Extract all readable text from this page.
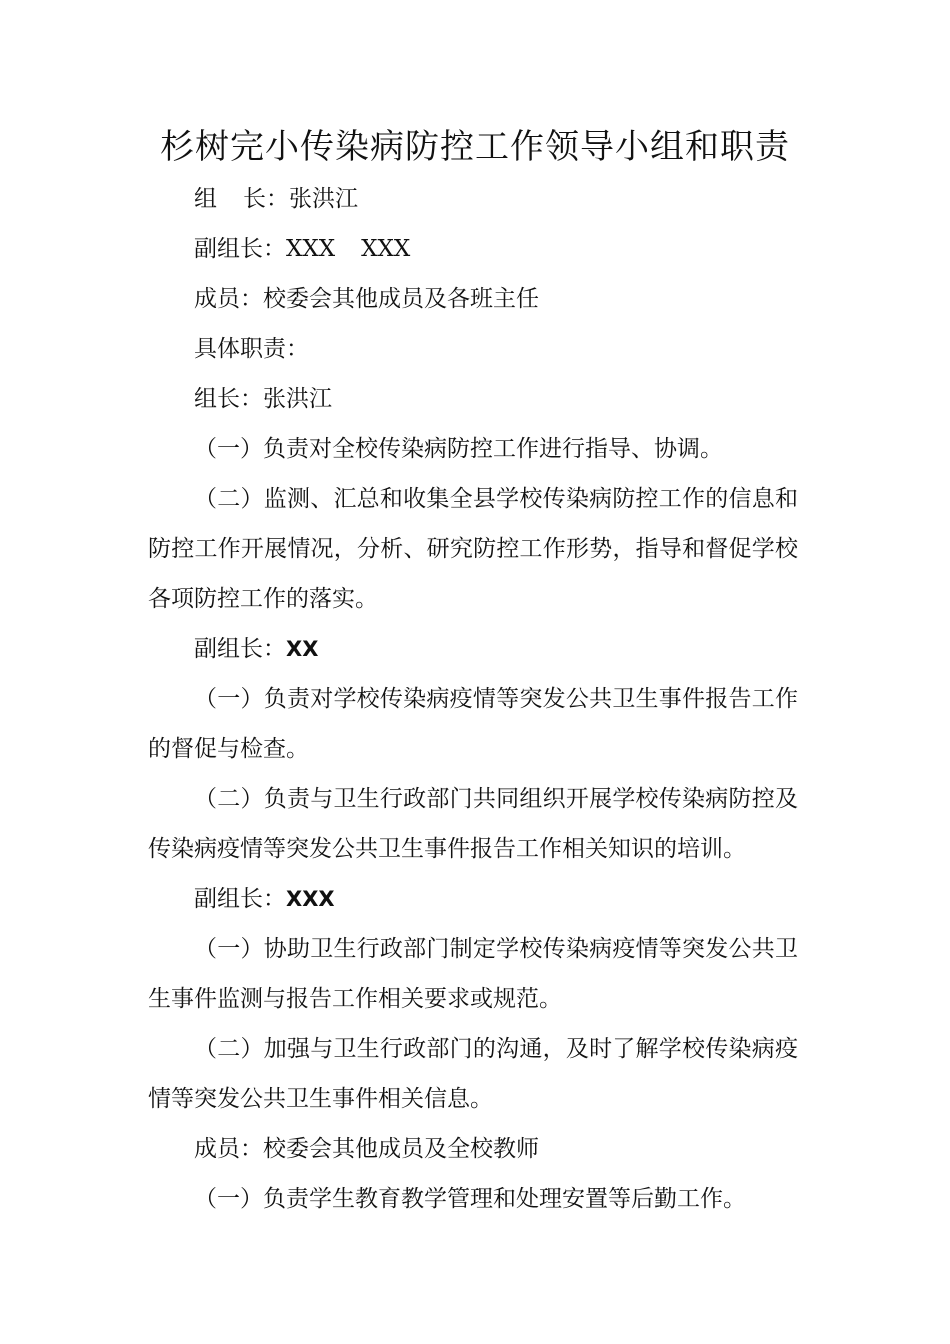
杉树完小传染病防控工作领导小组和职责

组 长：张洪江

副组长：XXX XXX

成员：校委会其他成员及各班主任

具体职责：

组长：张洪江

（一）负责对全校传染病防控工作进行指导、协调。

（二）监测、汇总和收集全县学校传染病防控工作的信息和防控工作开展情况，分析、研究防控工作形势，指导和督促学校各项防控工作的落实。

副组长：XX

（一）负责对学校传染病疫情等突发公共卫生事件报告工作的督促与检查。

（二）负责与卫生行政部门共同组织开展学校传染病防控及传染病疫情等突发公共卫生事件报告工作相关知识的培训。

副组长：XXX

（一）协助卫生行政部门制定学校传染病疫情等突发公共卫生事件监测与报告工作相关要求或规范。

（二）加强与卫生行政部门的沟通，及时了解学校传染病疫情等突发公共卫生事件相关信息。

成员：校委会其他成员及全校教师

（一）负责学生教育教学管理和处理安置等后勤工作。
